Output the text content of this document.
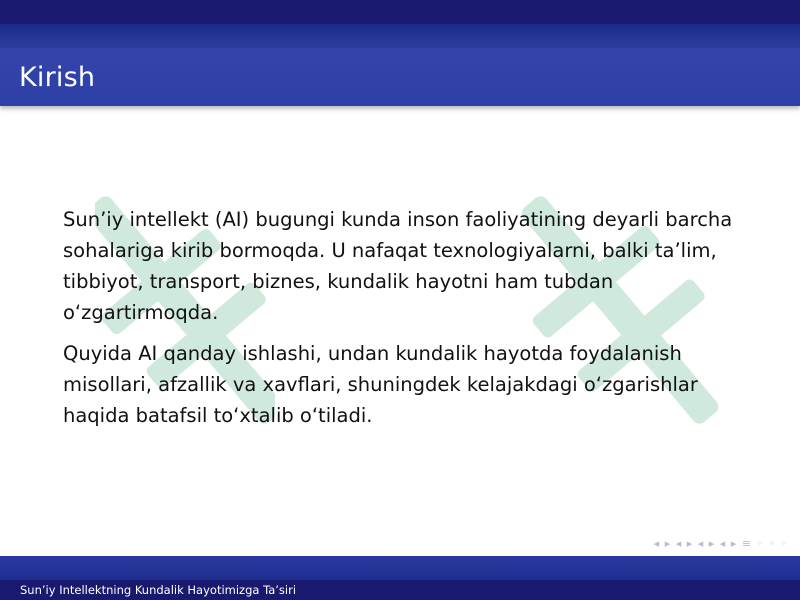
Kirish

Sun’iy intellekt (AI) bugungi kunda inson faoliyatining deyarli barcha sohalariga kirib bormoqda. U nafaqat texnologiyalarni, balki ta’lim, tibbiyot, transport, biznes, kundalik hayotni ham tubdan o‘zgartirmoqda.

Quyida AI qanday ishlashi, undan kundalik hayotda foydalanish misollari, afzallik va xavflari, shuningdek kelajakdagi o‘zgarishlar haqida batafsil to‘xtalib o‘tiladi.

◂ ▸ ◂ ▸ ◂ ▸ ◂ ▸ ≡ ◦ ◦ ◦
Sun’iy Intellektning Kundalik Hayotimizga Ta’siri
